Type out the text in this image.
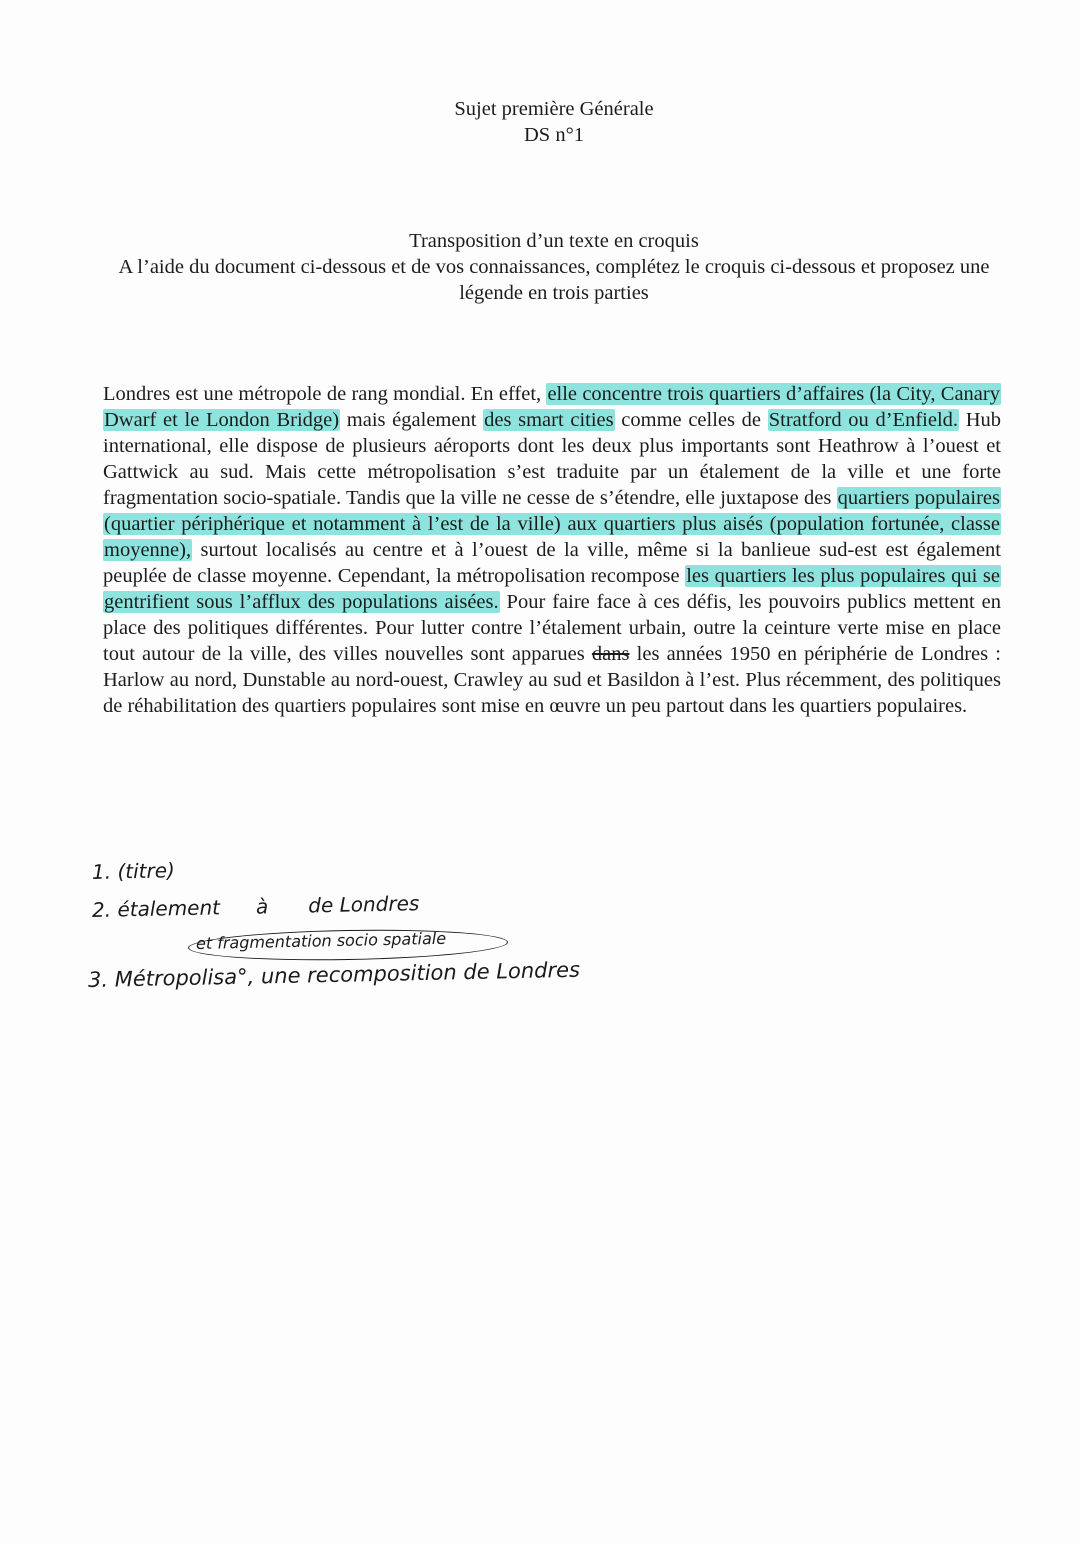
Sujet première Générale
DS n°1
Transposition d’un texte en croquis
A l’aide du document ci-dessous et de vos connaissances, complétez le croquis ci-dessous et proposez une légende en trois parties

Londres est une métropole de rang mondial. En effet, elle concentre trois quartiers d’affaires (la City, Canary Dwarf et le London Bridge) mais également des smart cities comme celles de Stratford ou d’Enfield. Hub international, elle dispose de plusieurs aéroports dont les deux plus importants sont Heathrow à l’ouest et Gattwick au sud. Mais cette métropolisation s’est traduite par un étalement de la ville et une forte fragmentation socio-spatiale. Tandis que la ville ne cesse de s’étendre, elle juxtapose des quartiers populaires (quartier périphérique et notamment à l’est de la ville) aux quartiers plus aisés (population fortunée, classe moyenne), surtout localisés au centre et à l’ouest de la ville, même si la banlieue sud-est est également peuplée de classe moyenne. Cependant, la métropolisation recompose les quartiers les plus populaires qui se gentrifient sous l’afflux des populations aisées. Pour faire face à ces défis, les pouvoirs publics mettent en place des politiques différentes. Pour lutter contre l’étalement urbain, outre la ceinture verte mise en place tout autour de la ville, des villes nouvelles sont apparues dans les années 1950 en périphérie de Londres : Harlow au nord, Dunstable au nord-ouest, Crawley au sud et Basildon à l’est. Plus récemment, des politiques de réhabilitation des quartiers populaires sont mise en œuvre un peu partout dans les quartiers populaires.

1. (titre)
2. étalement à de Londres
et fragmentation socio spatiale
3. Métropolisa°, une recomposition de Londres
